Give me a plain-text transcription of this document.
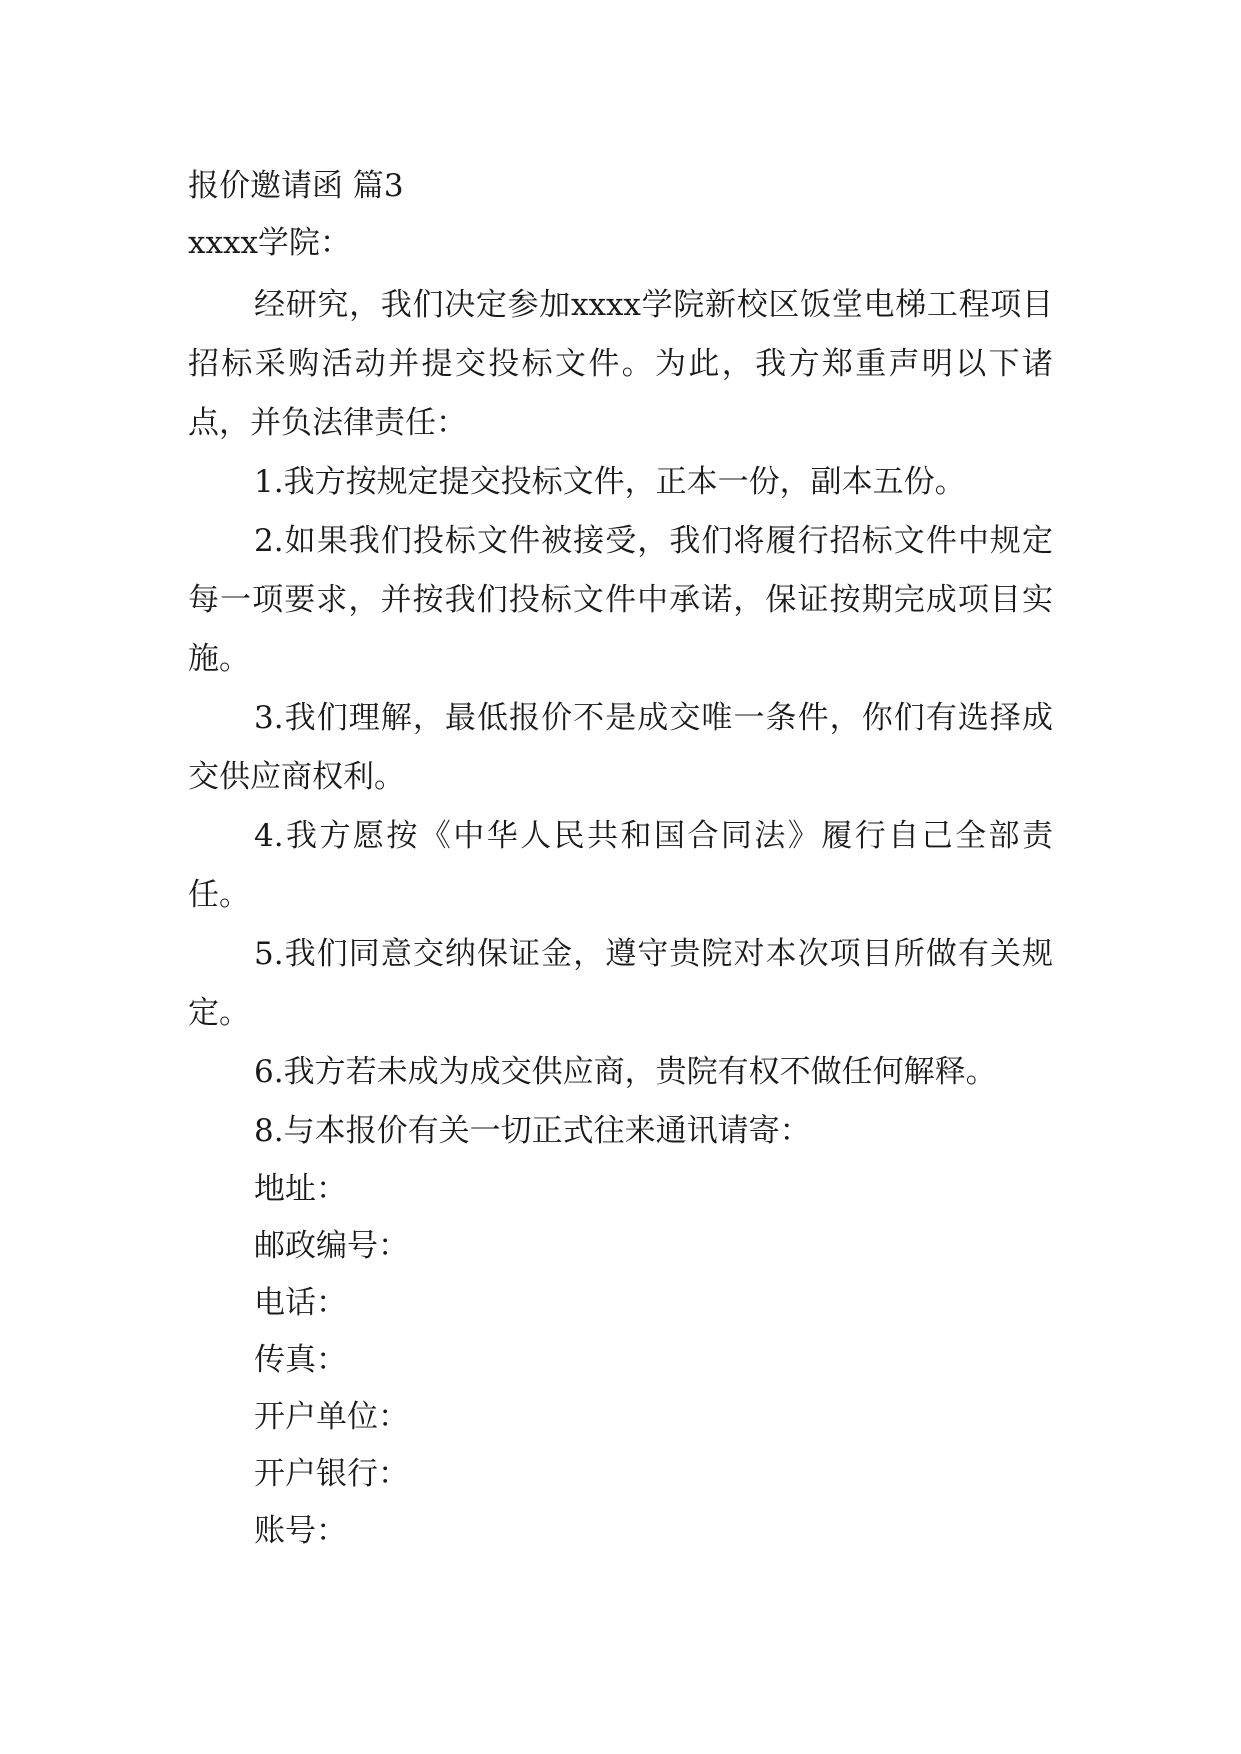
报价邀请函 篇3
xxxx学院：
经研究，我们决定参加xxxx学院新校区饭堂电梯工程项目招标采购活动并提交投标文件。为此，我方郑重声明以下诸点，并负法律责任：
1.我方按规定提交投标文件，正本一份，副本五份。
2.如果我们投标文件被接受，我们将履行招标文件中规定每一项要求，并按我们投标文件中承诺，保证按期完成项目实施。
3.我们理解，最低报价不是成交唯一条件，你们有选择成交供应商权利。
4.我方愿按《中华人民共和国合同法》履行自己全部责任。
5.我们同意交纳保证金，遵守贵院对本次项目所做有关规定。
6.我方若未成为成交供应商，贵院有权不做任何解释。
8.与本报价有关一切正式往来通讯请寄：
地址：
邮政编号：
电话：
传真：
开户单位：
开户银行：
账号：
